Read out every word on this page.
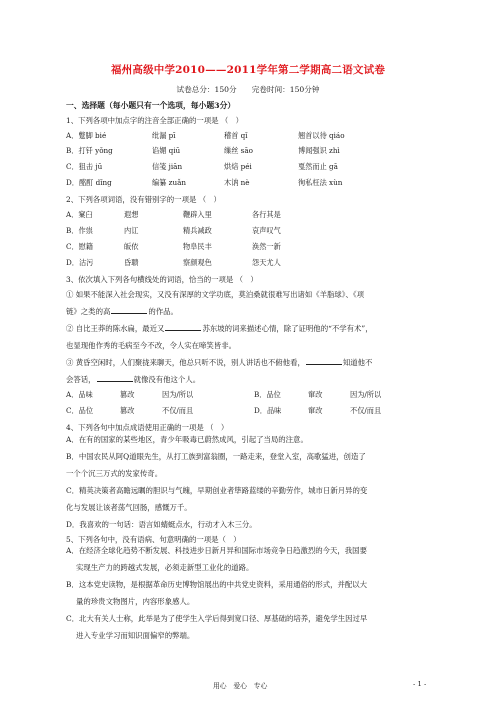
福州高级中学2010——2011学年第二学期高二语文试卷
试卷总分：150分　　完卷时间：150分钟
一、选择题（每小题只有一个选项，每小题3分）
1、下列各项中加点字的注音全部正确的一项是 （　）
A．蹩脚 bié	纰漏 pī	稽首 qǐ	翘首以待 qiáo
B．打钎 yǒng	谄媚 qiū	缫丝 sāo	博闻强识 zhì
C．狙击 jū	信笺 jiān	烘焙 péi	戛然而止 gā
D．酩酊 dǐng	编纂 zuǎn	木讷 nè	徇私枉法 xùn
2、下列各项词语，没有错别字的一项是 （　）
A．窠臼	遐想	鞭辟入里	各行其是
B．作祟	内讧	精兵减政	哀声叹气
C．慰籍	皈依	物阜民丰	涣然一新
D．沽污	昏聩	察颜观色	怨天尤人
3、依次填入下列各句横线处的词语，恰当的一项是 （　）
① 如果不能深入社会现实，又没有深厚的文学功底，莫泊桑就很难写出诸如《羊脂球》、《项
链》之类的高	的作品。
② 自比王莽的陈水扁，最近又	苏东坡的词来描述心情，除了证明他的“不学有术”，
也显现他作秀的毛病至今不改，令人实在啼笑皆非。
③ 黄昏空闲时，人们聚拢来聊天，他总只听不说，别人讲话也不俯他看，	知道他不
会答话，	就像没有他这个人。
A．品味	篡改	因为/所以	B．品位	窜改	因为/所以
C．品位	篡改	不仅/而且	D．品味	窜改	不仅/而且
4、下列各句中加点成语使用正确的一项是 （　）
A．在有的国家的某些地区，青少年吸毒已蔚然成风，引起了当局的注意。
B．中国农民从阿Q道眼先生，从打工族到富翁圈，一路走来，登堂入室，高歌猛进，创造了
一个个沉三万式的发家传奇。
C．精英决策者高瞻远瞩的胆识与气魄，早期创业者筚路蓝缕的辛勤劳作，城市日新月异的变
化与发展让该者荡气回肠，感慨万千。
D．我喜欢的一句话：语言如蜻蜓点水，行动才入木三分。
5、下列各句中，没有语病、句意明确的一项是（　）
A．在经济全球化趋势不断发展、科技进步日新月异和国际市场竞争日趋激烈的今天，我国要
实现生产力的跨越式发展，必须走新型工业化的道路。
B．这本党史读物，是根据革命历史博物馆展出的中共党史资料，采用通俗的形式，并配以大
量的珍贵文物图片，内容形象感人。
C．北大有关人士称，此举是为了使学生入学后得到宽口径、厚基础的培养，避免学生因过早
进入专业学习而知识面偏窄的弊端。
用心　爱心　专心	- 1 -
